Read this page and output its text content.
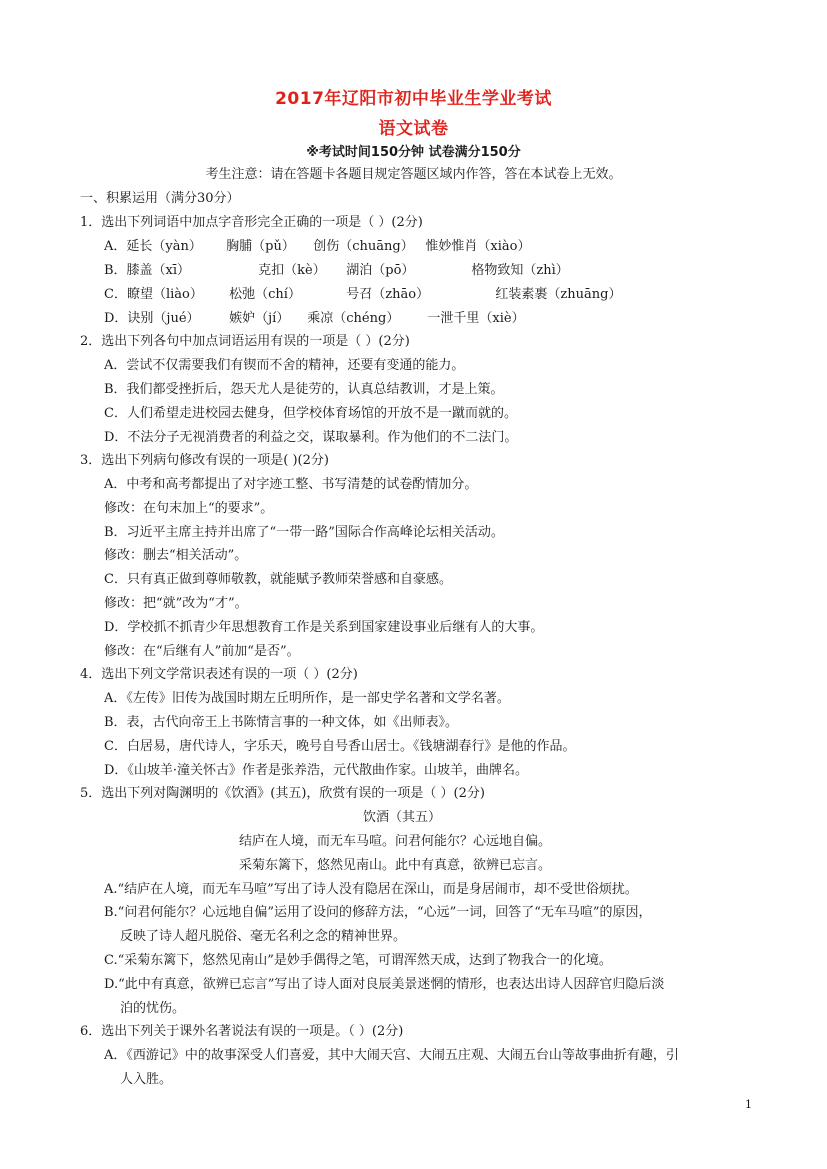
2017年辽阳市初中毕业生学业考试
语文试卷
※考试时间150分钟 试卷满分150分
考生注意：请在答题卡各题目规定答题区域内作答，答在本试卷上无效。
一、积累运用（满分30分）
1．选出下列词语中加点字音形完全正确的一项是（ ）(2分)
A．延长（yàn） 胸脯（pǔ） 创伤（chuāng） 惟妙惟肖（xiào）
B．膝盖（xī）	克扣（kè） 湖泊（pō）	格物致知（zhì）
C．瞭望（liào） 松弛（chí）	号召（zhāo）	红装素裹（zhuāng）
D．诀别（jué） 嫉妒（jí） 乘凉（chéng） 一泄千里（xiè）
2．选出下列各句中加点词语运用有误的一项是（ ）(2分)
A．尝试不仅需要我们有锲而不舍的精神，还要有变通的能力。
B．我们都受挫折后，怨天尤人是徒劳的，认真总结教训，才是上策。
C．人们希望走进校园去健身，但学校体育场馆的开放不是一蹴而就的。
D．不法分子无视消费者的利益之交，谋取暴利。作为他们的不二法门。
3．选出下列病句修改有误的一项是( )(2分)
A．中考和高考都提出了对字迹工整、书写清楚的试卷酌情加分。
修改：在句末加上“的要求”。
B．习近平主席主持并出席了“一带一路”国际合作高峰论坛相关活动。
修改：删去“相关活动”。
C．只有真正做到尊师敬教，就能赋予教师荣誉感和自豪感。
修改：把“就”改为“才”。
D．学校抓不抓青少年思想教育工作是关系到国家建设事业后继有人的大事。
修改：在“后继有人”前加“是否”。
4．选出下列文学常识表述有误的一项（ ）(2分)
A．《左传》旧传为战国时期左丘明所作，是一部史学名著和文学名著。
B．表，古代向帝王上书陈情言事的一种文体，如《出师表》。
C．白居易，唐代诗人，字乐天，晚号自号香山居士。《钱塘湖春行》是他的作品。
D．《山坡羊·潼关怀古》作者是张养浩，元代散曲作家。山坡羊，曲牌名。
5．选出下列对陶渊明的《饮酒》(其五)，欣赏有误的一项是（ ）(2分)
饮酒（其五）
结庐在人境，而无车马喧。问君何能尔？心远地自偏。
采菊东篱下，悠然见南山。此中有真意，欲辨已忘言。
A.“结庐在人境，而无车马喧”写出了诗人没有隐居在深山，而是身居闹市，却不受世俗烦扰。
B.“问君何能尔？心远地自偏”运用了设问的修辞方法，“心远”一词，回答了“无车马喧”的原因，
反映了诗人超凡脱俗、毫无名利之念的精神世界。
C.“采菊东篱下，悠然见南山”是妙手偶得之笔，可谓浑然天成，达到了物我合一的化境。
D.“此中有真意，欲辨已忘言”写出了诗人面对良辰美景迷惘的情形，也表达出诗人因辞官归隐后淡
泊的忧伤。
6．选出下列关于课外名著说法有误的一项是。（ ）(2分)
A．《西游记》中的故事深受人们喜爱，其中大闹天宫、大闹五庄观、大闹五台山等故事曲折有趣，引
人入胜。
1
